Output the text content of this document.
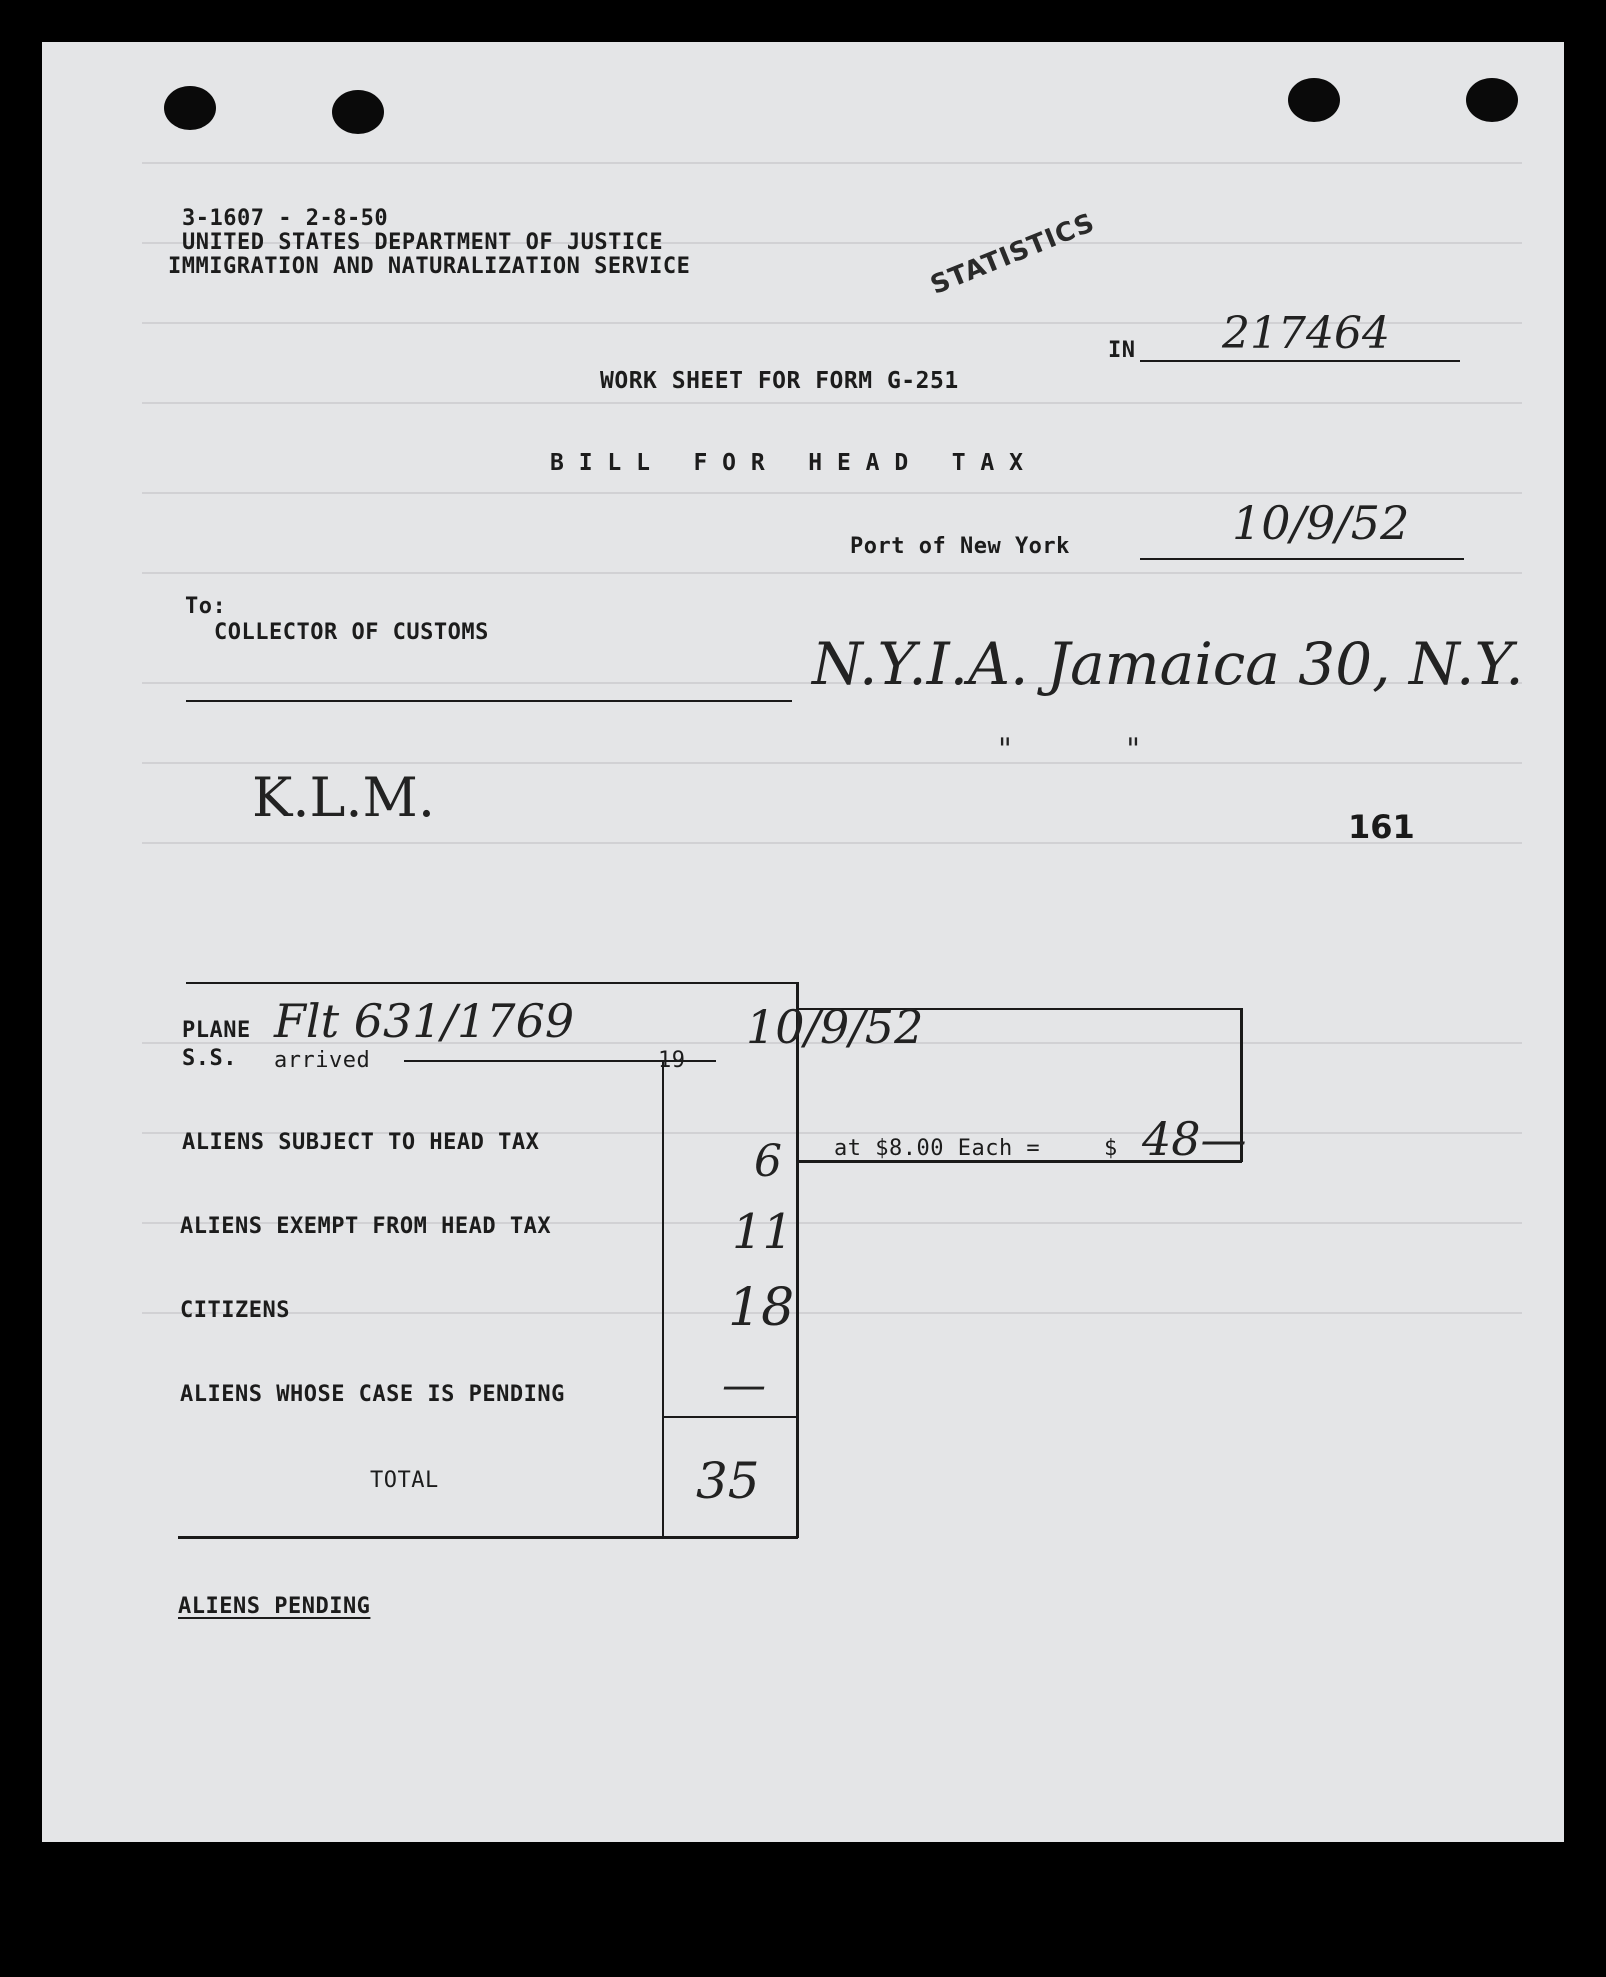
3-1607 - 2-8-50
UNITED STATES DEPARTMENT OF JUSTICE
IMMIGRATION AND NATURALIZATION SERVICE	STATISTICS
IN 217464
WORK SHEET FOR FORM G-251
B I L L   F O R   H E A D   T A X
Port of New York	10/9/52
To:
COLLECTOR OF CUSTOMS	N.Y.I.A. Jamaica 30, N.Y.
"            "
K.L.M.	161
PLANE
S.S. arrived	19
Flt 631/1769	10/9/52
ALIENS SUBJECT TO HEAD TAX	6
ALIENS EXEMPT FROM HEAD TAX	11
CITIZENS	18
ALIENS WHOSE CASE IS PENDING	—
TOTAL	35
at $8.00 Each =	$ 48—
ALIENS PENDING
